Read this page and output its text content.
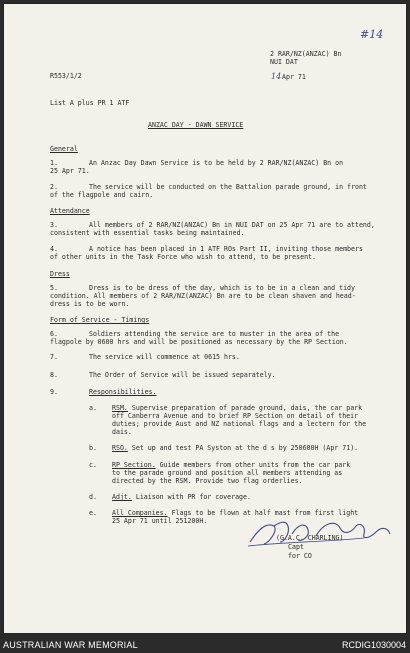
#14
2 RAR/NZ(ANZAC) Bn
NUI DAT
14 Apr 71
R553/1/2
List A plus PR 1 ATF
ANZAC DAY - DAWN SERVICE
General
1.	An Anzac Day Dawn Service is to be held by 2 RAR/NZ(ANZAC) Bn on
25 Apr 71.
2.	The service will be conducted on the Battalion parade ground, in front
of the flagpole and cairn.
Attendance
3.	All members of 2 RAR/NZ(ANZAC) Bn in NUI DAT on 25 Apr 71 are to attend,
consistent with essential tasks being maintained.
4.	A notice has been placed in 1 ATF ROs Part II, inviting those members
of other units in the Task Force who wish to attend, to be present.
Dress
5.	Dress is to be dress of the day, which is to be in a clean and tidy
condition. All members of 2 RAR/NZ(ANZAC) Bn are to be clean shaven and head-
dress is to be worn.
Form of Service - Timings
6.	Soldiers attending the service are to muster in the area of the
flagpole by 0600 hrs and will be positioned as necessary by the RP Section.
7.	The service will commence at 0615 hrs.
8.	The Order of Service will be issued separately.
9.	Responsibilities.
a. RSM. Supervise preparation of parade ground, dais, the car park
off Canberra Avenue and to brief RP Section on detail of their
duties; provide Aust and NZ national flags and a lectern for the
dais.
b. RSO. Set up and test PA Syston at the d s by 250600H (Apr 71).
c. RP Section. Guide members from other units from the car park
to the parade ground and position all members attending as
directed by the RSM. Provide two flag orderlies.
d. Adjt. Liaison with PR for coverage.
e. All Companies. Flags to be flown at half mast from first light
25 Apr 71 until 251200H.
(G.A.C. CHARLING)
Capt
for CO
AUSTRALIAN WAR MEMORIAL	RCDIG1030004
